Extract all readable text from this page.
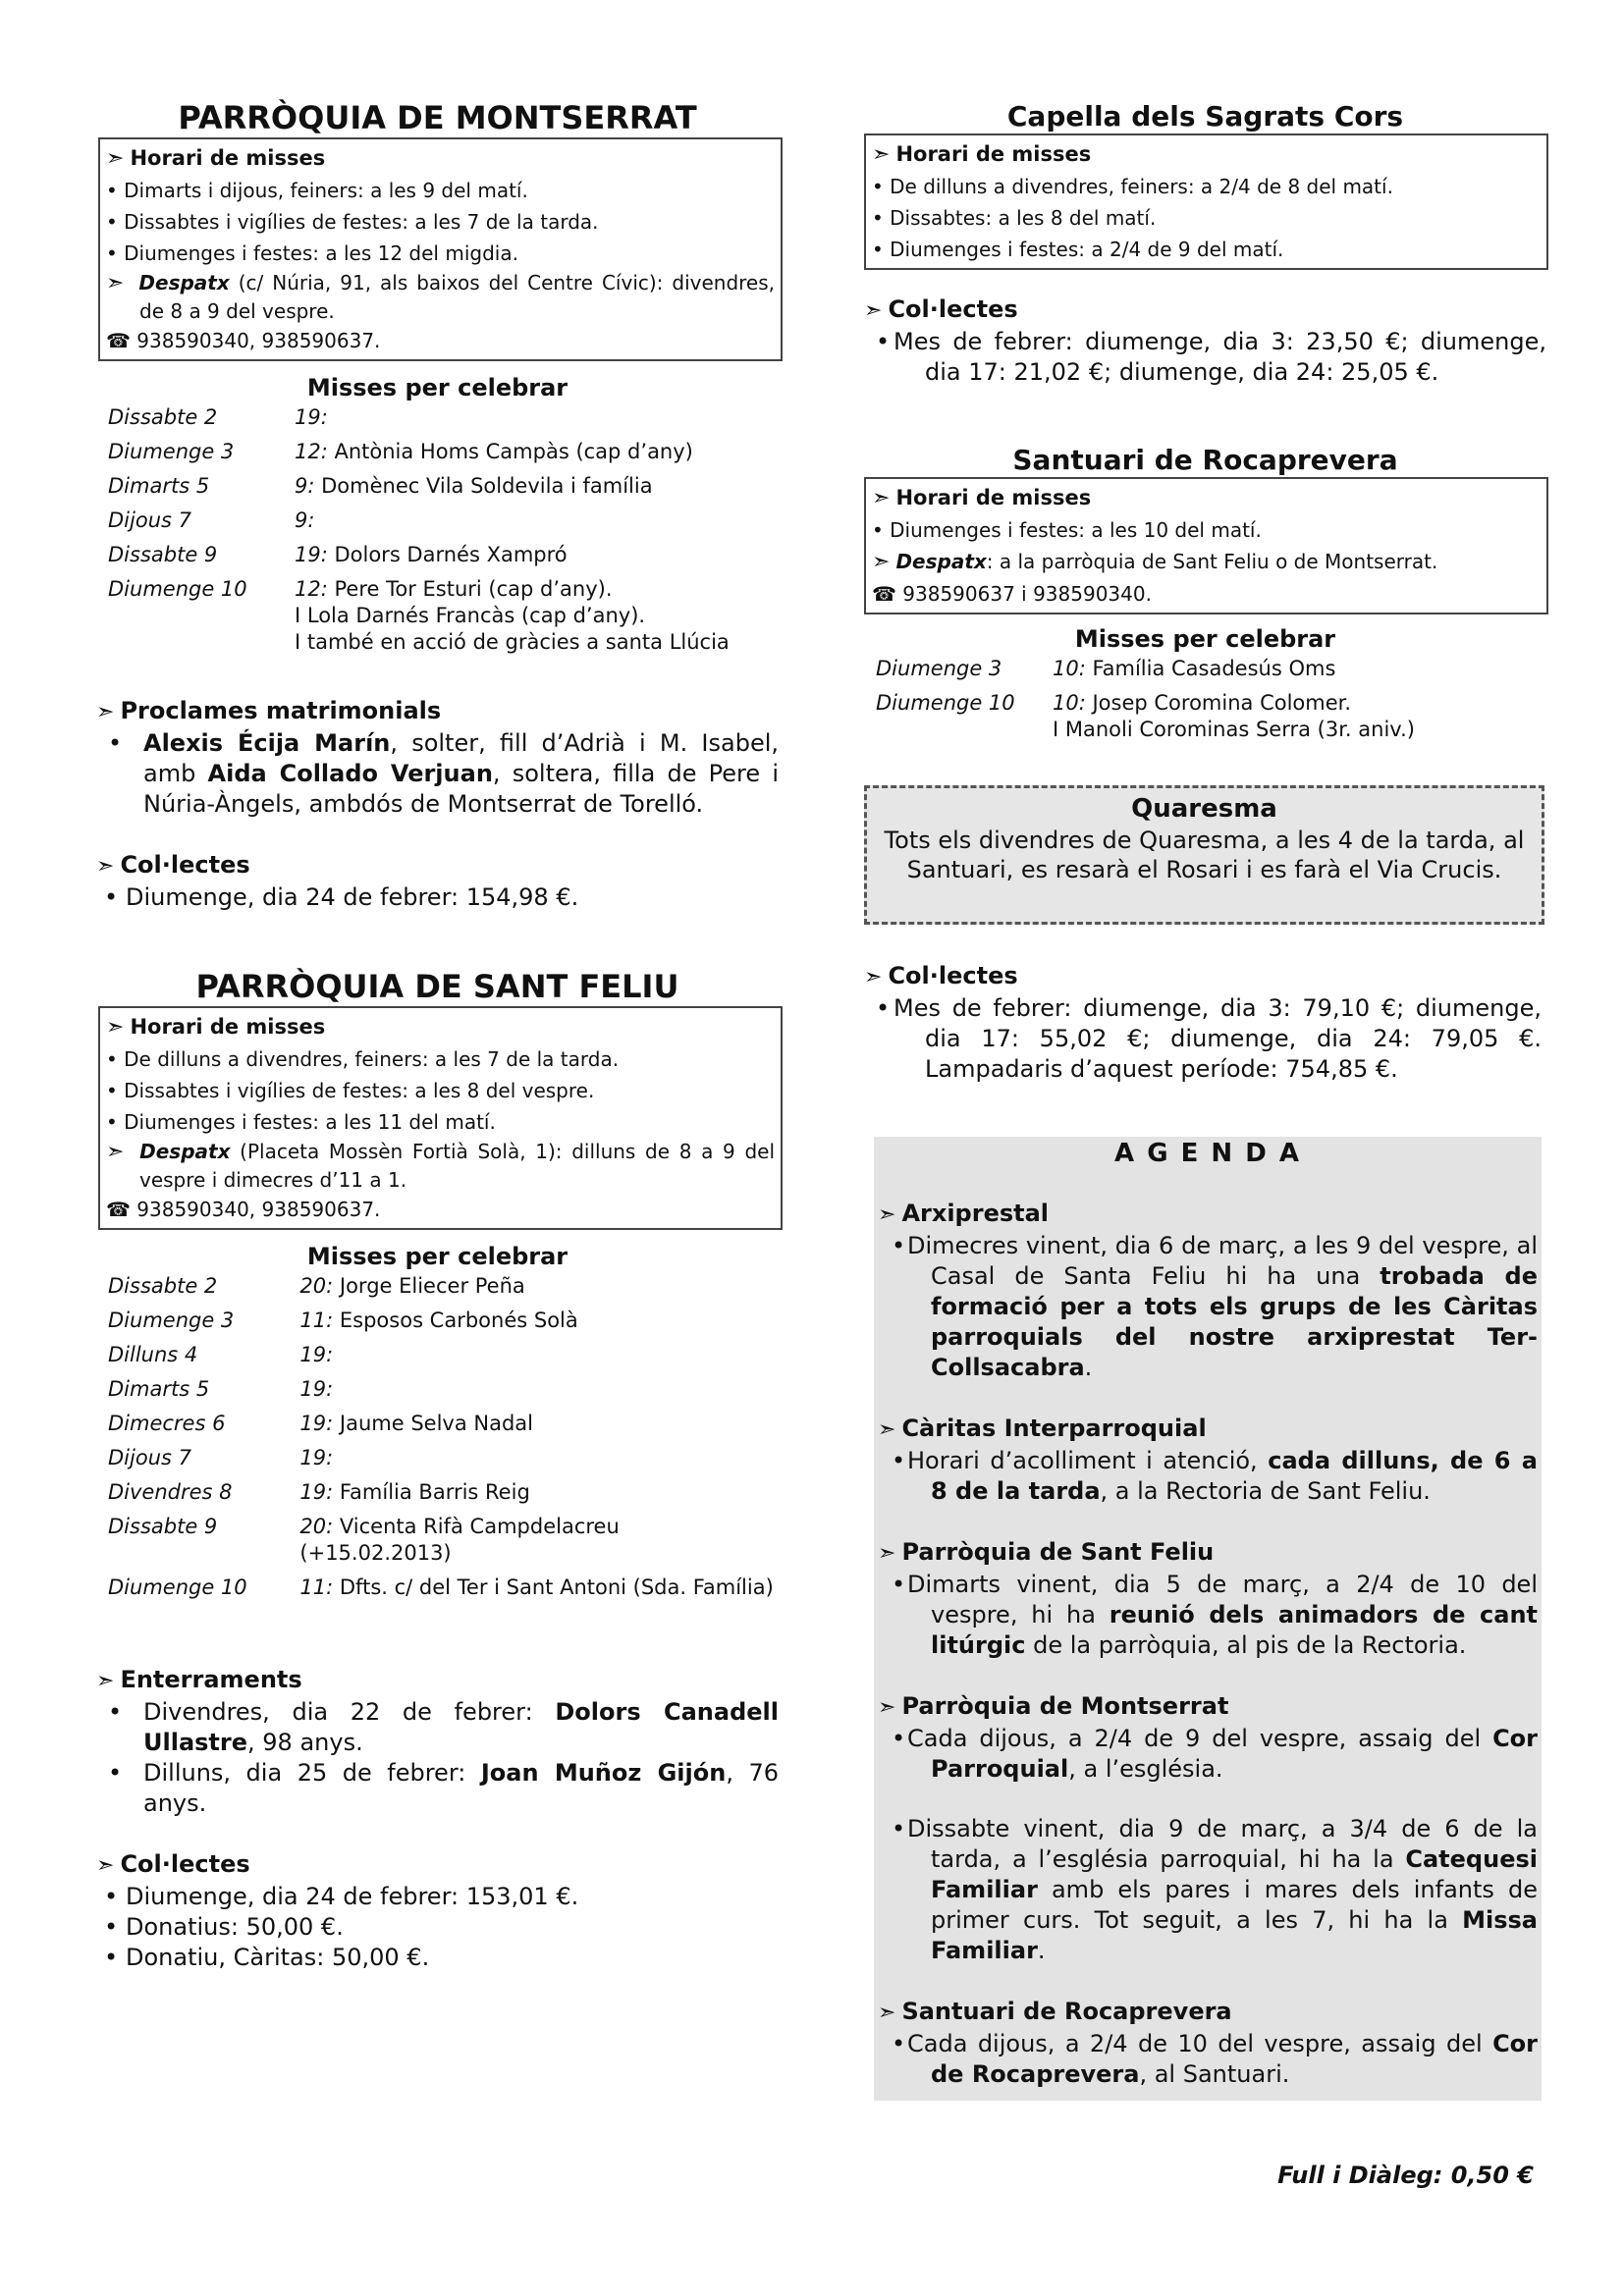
PARRÒQUIA DE MONTSERRAT
➣ Horari de misses
• Dimarts i dijous, feiners: a les 9 del matí.
• Dissabtes i vigílies de festes: a les 7 de la tarda.
• Diumenges i festes: a les 12 del migdia.
➣ Despatx (c/ Núria, 91, als baixos del Centre Cívic): divendres, de 8 a 9 del vespre.
☎ 938590340, 938590637.
Misses per celebrar
Dissabte 2	19:
Diumenge 3	12: Antònia Homs Campàs (cap d’any)
Dimarts 5	9: Domènec Vila Soldevila i família
Dijous 7	9:
Dissabte 9	19: Dolors Darnés Xampró
Diumenge 10	12: Pere Tor Esturi (cap d’any).
I Lola Darnés Francàs (cap d’any).
I també en acció de gràcies a santa Llúcia
➣ Proclames matrimonials
• Alexis Écija Marín, solter, fill d’Adrià i M. Isabel, amb Aida Collado Verjuan, soltera, filla de Pere i Núria-Àngels, ambdós de Montserrat de Torelló.
➣ Col·lectes
• Diumenge, dia 24 de febrer: 154,98 €.
PARRÒQUIA DE SANT FELIU
➣ Horari de misses
• De dilluns a divendres, feiners: a les 7 de la tarda.
• Dissabtes i vigílies de festes: a les 8 del vespre.
• Diumenges i festes: a les 11 del matí.
➣ Despatx (Placeta Mossèn Fortià Solà, 1): dilluns de 8 a 9 del vespre i dimecres d’11 a 1.
☎ 938590340, 938590637.
Misses per celebrar
Dissabte 2	20: Jorge Eliecer Peña
Diumenge 3	11: Esposos Carbonés Solà
Dilluns 4	19:
Dimarts 5	19:
Dimecres 6	19: Jaume Selva Nadal
Dijous 7	19:
Divendres 8	19: Família Barris Reig
Dissabte 9	20: Vicenta Rifà Campdelacreu (+15.02.2013)
Diumenge 10	11: Dfts. c/ del Ter i Sant Antoni (Sda. Família)
➣ Enterraments
• Divendres, dia 22 de febrer: Dolors Canadell Ullastre, 98 anys.
• Dilluns, dia 25 de febrer: Joan Muñoz Gijón, 76 anys.
➣ Col·lectes
• Diumenge, dia 24 de febrer: 153,01 €.
• Donatius: 50,00 €.
• Donatiu, Càritas: 50,00 €.
Capella dels Sagrats Cors
➣ Horari de misses
• De dilluns a divendres, feiners: a 2/4 de 8 del matí.
• Dissabtes: a les 8 del matí.
• Diumenges i festes: a 2/4 de 9 del matí.
➣ Col·lectes
• Mes de febrer: diumenge, dia 3: 23,50 €; diumenge, dia 17: 21,02 €; diumenge, dia 24: 25,05 €.
Santuari de Rocaprevera
➣ Horari de misses
• Diumenges i festes: a les 10 del matí.
➣ Despatx: a la parròquia de Sant Feliu o de Montserrat.
☎ 938590637 i 938590340.
Misses per celebrar
Diumenge 3	10: Família Casadesús Oms
Diumenge 10	10: Josep Coromina Colomer.
I Manoli Corominas Serra (3r. aniv.)
Quaresma
Tots els divendres de Quaresma, a les 4 de la tarda, al Santuari, es resarà el Rosari i es farà el Via Crucis.
➣ Col·lectes
• Mes de febrer: diumenge, dia 3: 79,10 €; diumenge, dia 17: 55,02 €; diumenge, dia 24: 79,05 €. Lampadaris d’aquest període: 754,85 €.
A G E N D A
➣ Arxiprestal
•Dimecres vinent, dia 6 de març, a les 9 del vespre, al Casal de Santa Feliu hi ha una trobada de formació per a tots els grups de les Càritas parroquials del nostre arxiprestat Ter-Collsacabra.
➣ Càritas Interparroquial
•Horari d’acolliment i atenció, cada dilluns, de 6 a 8 de la tarda, a la Rectoria de Sant Feliu.
➣ Parròquia de Sant Feliu
•Dimarts vinent, dia 5 de març, a 2/4 de 10 del vespre, hi ha reunió dels animadors de cant litúrgic de la parròquia, al pis de la Rectoria.
➣ Parròquia de Montserrat
•Cada dijous, a 2/4 de 9 del vespre, assaig del Cor Parroquial, a l’església.
•Dissabte vinent, dia 9 de març, a 3/4 de 6 de la tarda, a l’església parroquial, hi ha la Catequesi Familiar amb els pares i mares dels infants de primer curs. Tot seguit, a les 7, hi ha la Missa Familiar.
➣ Santuari de Rocaprevera
•Cada dijous, a 2/4 de 10 del vespre, assaig del Cor de Rocaprevera, al Santuari.
Full i Diàleg: 0,50 €
